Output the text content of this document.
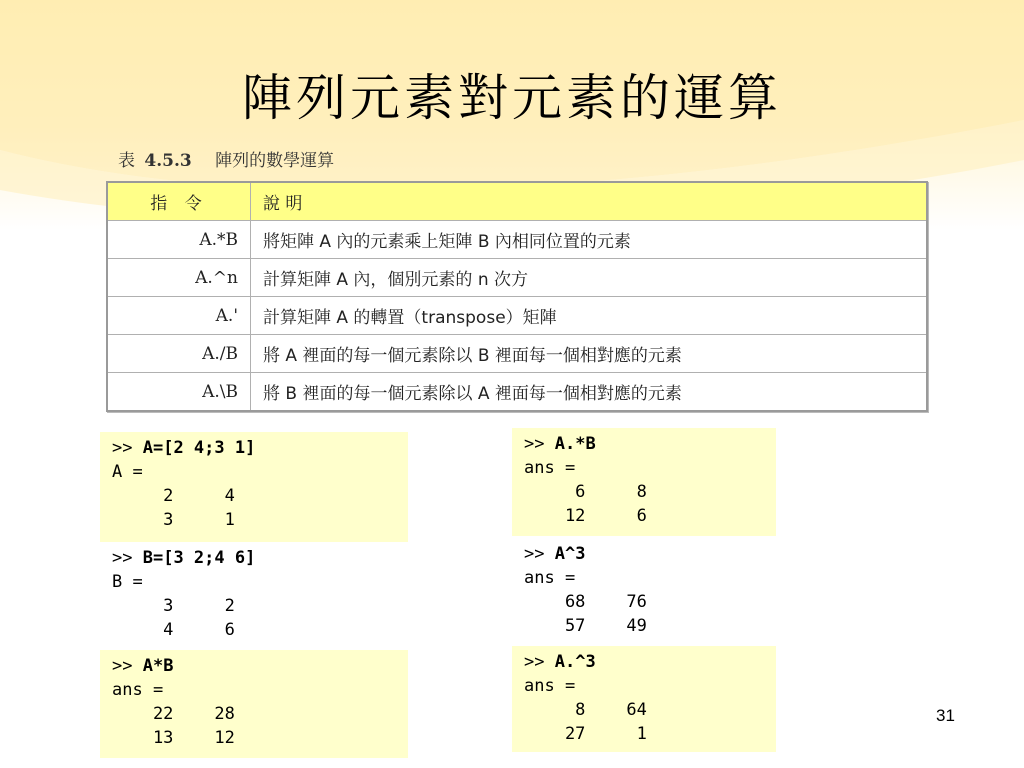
陣列元素對元素的運算
表 4.5.3 陣列的數學運算
指 令	說 明
A.*B	將矩陣 A 內的元素乘上矩陣 B 內相同位置的元素
A.^n	計算矩陣 A 內，個別元素的 n 次方
A.'	計算矩陣 A 的轉置（transpose）矩陣
A./B	將 A 裡面的每一個元素除以 B 裡面每一個相對應的元素
A.\B	將 B 裡面的每一個元素除以 A 裡面每一個相對應的元素
>> A=[2 4;3 1]
A =
2     4
3     1
>> B=[3 2;4 6]
B =
3     2
4     6
>> A*B
ans =
22    28
13    12
>> A.*B
ans =
6     8
12     6
>> A^3
ans =
68    76
57    49
>> A.^3
ans =
8    64
27     1
31
